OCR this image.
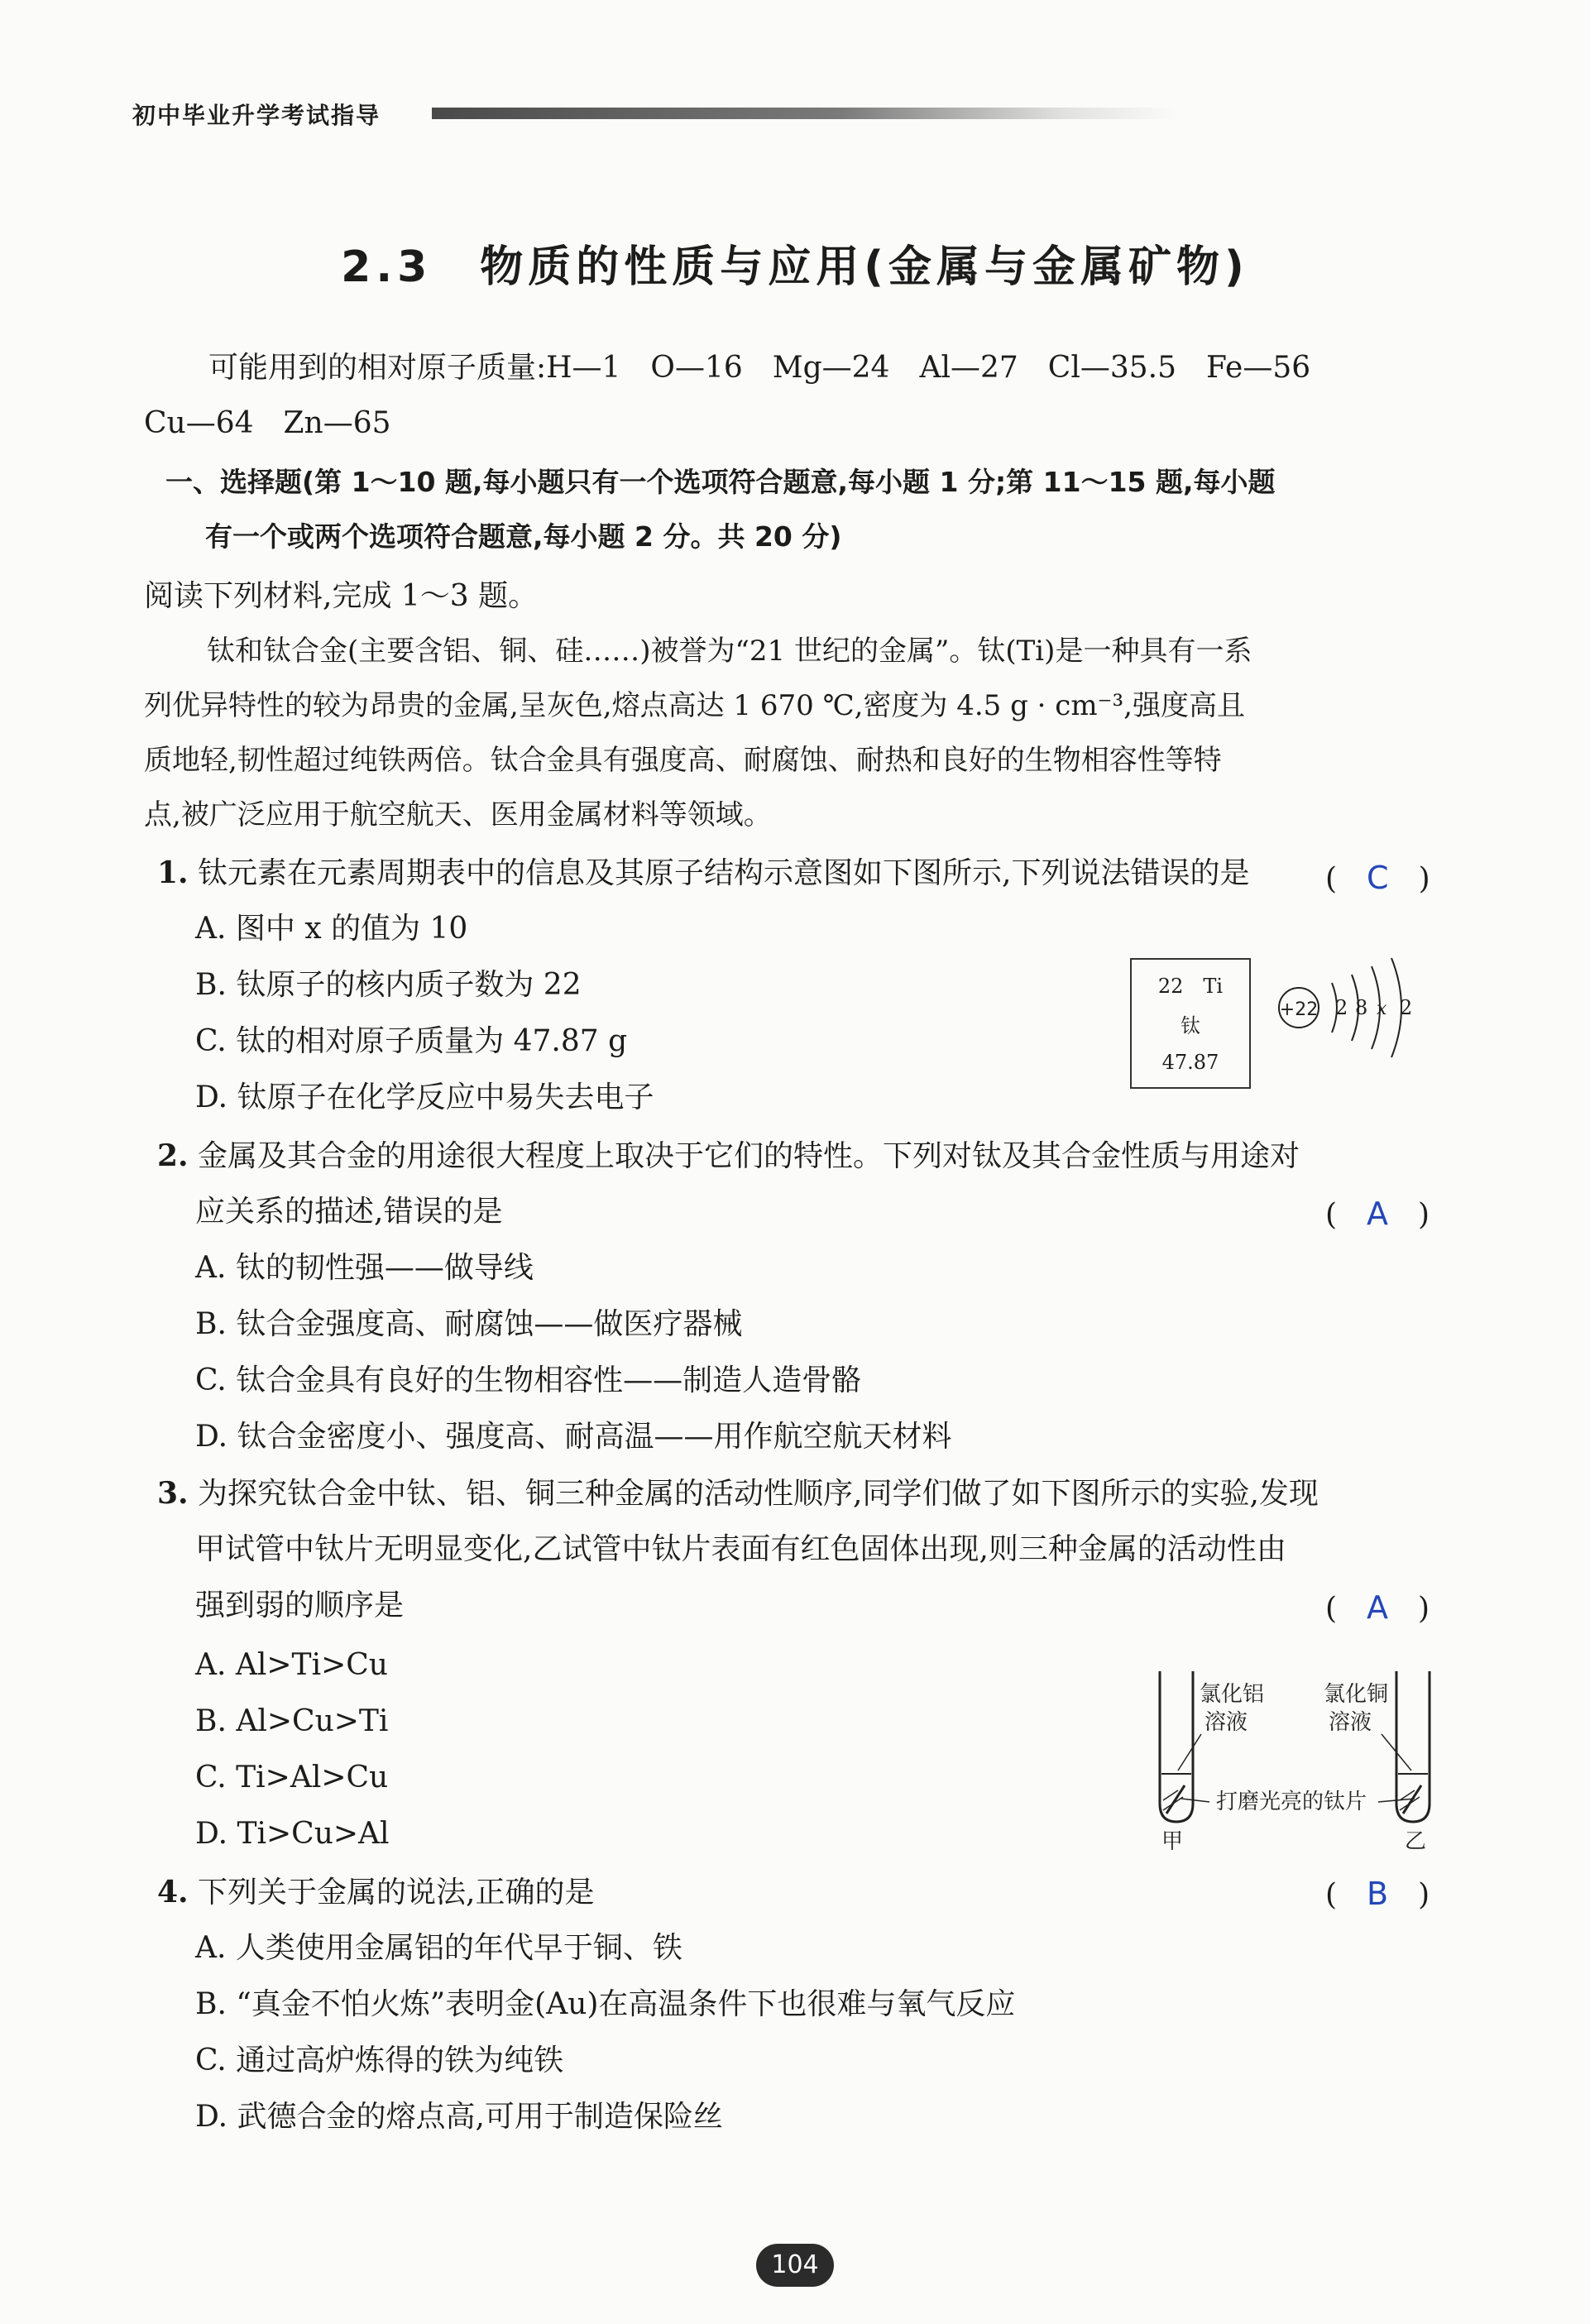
初中毕业升学考试指导
2.3　物质的性质与应用(金属与金属矿物)
可能用到的相对原子质量:H—1　O—16　Mg—24　Al—27　Cl—35.5　Fe—56
Cu—64　Zn—65
一、选择题(第 1～10 题,每小题只有一个选项符合题意,每小题 1 分;第 11～15 题,每小题
有一个或两个选项符合题意,每小题 2 分。共 20 分)
阅读下列材料,完成 1～3 题。
钛和钛合金(主要含铝、铜、硅……)被誉为“21 世纪的金属”。钛(Ti)是一种具有一系
列优异特性的较为昂贵的金属,呈灰色,熔点高达 1 670 ℃,密度为 4.5 g · cm⁻³,强度高且
质地轻,韧性超过纯铁两倍。钛合金具有强度高、耐腐蚀、耐热和良好的生物相容性等特
点,被广泛应用于航空航天、医用金属材料等领域。
1. 钛元素在元素周期表中的信息及其原子结构示意图如下图所示,下列说法错误的是	(　C　)
A. 图中 x 的值为 10
B. 钛原子的核内质子数为 22
C. 钛的相对原子质量为 47.87 g
D. 钛原子在化学反应中易失去电子
22　 Ti
钛
47.87
+22 2 8 x 2
2. 金属及其合金的用途很大程度上取决于它们的特性。下列对钛及其合金性质与用途对
应关系的描述,错误的是	(　A　)
A. 钛的韧性强——做导线
B. 钛合金强度高、耐腐蚀——做医疗器械
C. 钛合金具有良好的生物相容性——制造人造骨骼
D. 钛合金密度小、强度高、耐高温——用作航空航天材料
3. 为探究钛合金中钛、铝、铜三种金属的活动性顺序,同学们做了如下图所示的实验,发现
甲试管中钛片无明显变化,乙试管中钛片表面有红色固体出现,则三种金属的活动性由
强到弱的顺序是	(　A　)
A. Al>Ti>Cu
B. Al>Cu>Ti
C. Ti>Al>Cu
D. Ti>Cu>Al
氯化铝
溶液
氯化铜
溶液
打磨光亮的钛片
甲	乙
4. 下列关于金属的说法,正确的是	(　B　)
A. 人类使用金属铝的年代早于铜、铁
B. “真金不怕火炼”表明金(Au)在高温条件下也很难与氧气反应
C. 通过高炉炼得的铁为纯铁
D. 武德合金的熔点高,可用于制造保险丝
104
